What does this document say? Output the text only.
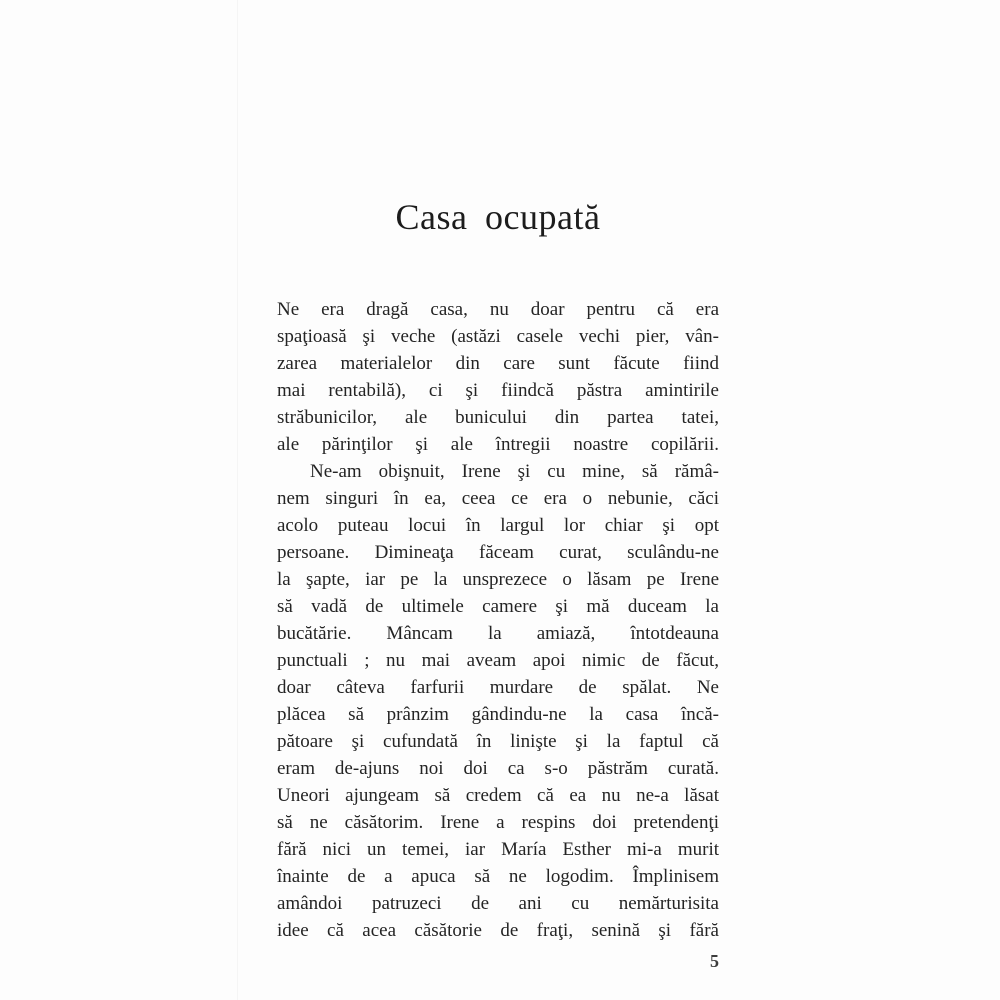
Casa ocupată
Ne era dragă casa, nu doar pentru că era
spaţioasă şi veche (astăzi casele vechi pier, vân-
zarea materialelor din care sunt făcute fiind
mai rentabilă), ci şi fiindcă păstra amintirile
străbunicilor, ale bunicului din partea tatei,
ale părinţilor şi ale întregii noastre copilării.
Ne-am obişnuit, Irene şi cu mine, să rămâ-
nem singuri în ea, ceea ce era o nebunie, căci
acolo puteau locui în largul lor chiar şi opt
persoane. Dimineaţa făceam curat, sculându-ne
la şapte, iar pe la unsprezece o lăsam pe Irene
să vadă de ultimele camere şi mă duceam la
bucătărie. Mâncam la amiază, întotdeauna
punctuali ; nu mai aveam apoi nimic de făcut,
doar câteva farfurii murdare de spălat. Ne
plăcea să prânzim gândindu-ne la casa încă-
pătoare şi cufundată în linişte şi la faptul că
eram de-ajuns noi doi ca s-o păstrăm curată.
Uneori ajungeam să credem că ea nu ne-a lăsat
să ne căsătorim. Irene a respins doi pretendenţi
fără nici un temei, iar María Esther mi-a murit
înainte de a apuca să ne logodim. Împlinisem
amândoi patruzeci de ani cu nemărturisita
idee că acea căsătorie de fraţi, senină şi fără
5
